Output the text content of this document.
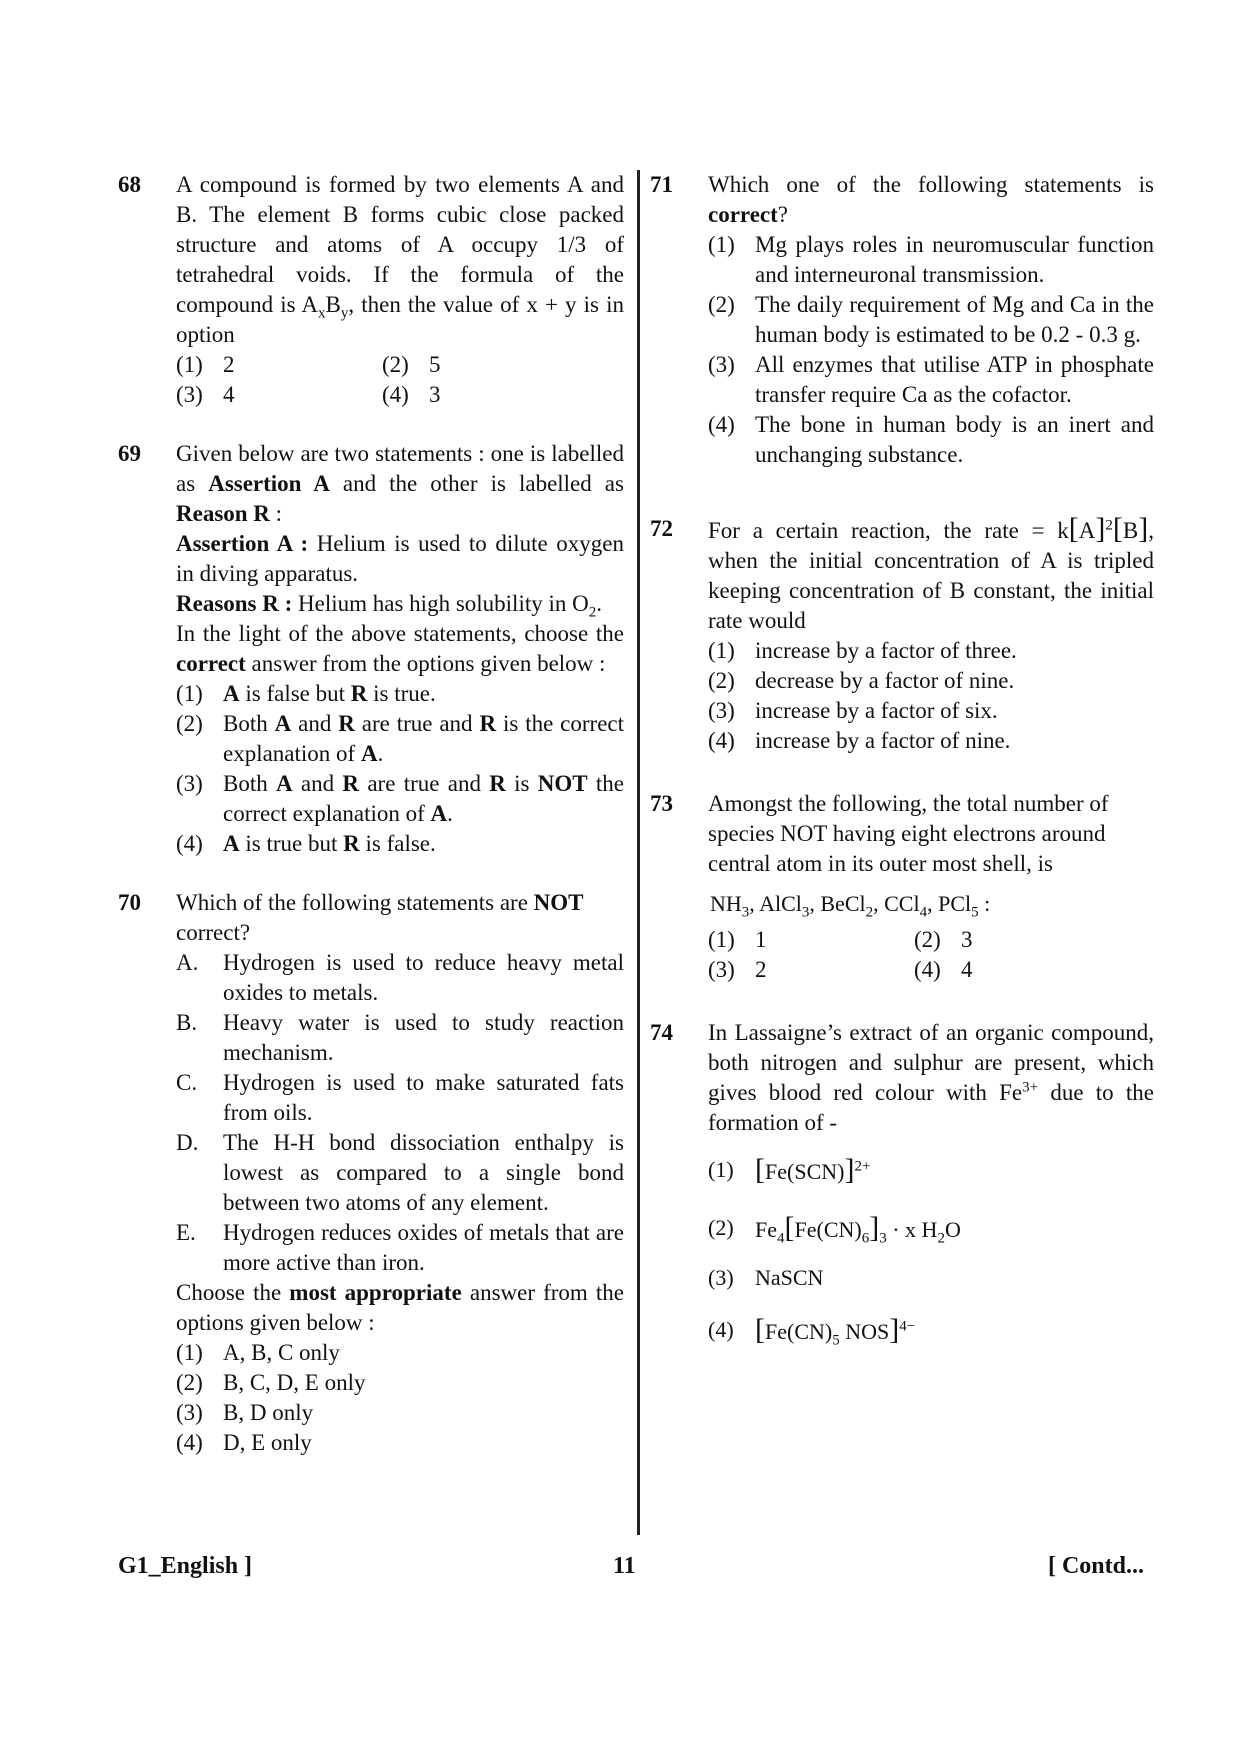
68 A compound is formed by two elements A and B. The element B forms cubic close packed structure and atoms of A occupy 1/3 of tetrahedral voids. If the formula of the compound is $A_xB_y$, then the value of x + y is in option
(1) 2	(2) 5
(3) 4	(4) 3
69 Given below are two statements : one is labelled as Assertion A and the other is labelled as Reason R :
Assertion A : Helium is used to dilute oxygen in diving apparatus.
Reasons R : Helium has high solubility in $O_2$.
In the light of the above statements, choose the correct answer from the options given below :
(1) A is false but R is true.
(2) Both A and R are true and R is the correct explanation of A.
(3) Both A and R are true and R is NOT the correct explanation of A.
(4) A is true but R is false.
70 Which of the following statements are NOT correct?
A. Hydrogen is used to reduce heavy metal oxides to metals.
B. Heavy water is used to study reaction mechanism.
C. Hydrogen is used to make saturated fats from oils.
D. The H-H bond dissociation enthalpy is lowest as compared to a single bond between two atoms of any element.
E. Hydrogen reduces oxides of metals that are more active than iron.
Choose the most appropriate answer from the options given below :
(1) A, B, C only
(2) B, C, D, E only
(3) B, D only
(4) D, E only
71 Which one of the following statements is correct?
(1) Mg plays roles in neuromuscular function and interneuronal transmission.
(2) The daily requirement of Mg and Ca in the human body is estimated to be 0.2 - 0.3 g.
(3) All enzymes that utilise ATP in phosphate transfer require Ca as the cofactor.
(4) The bone in human body is an inert and unchanging substance.
72 For a certain reaction, the rate = $k[A]^2[B]$, when the initial concentration of A is tripled keeping concentration of B constant, the initial rate would
(1) increase by a factor of three.
(2) decrease by a factor of nine.
(3) increase by a factor of six.
(4) increase by a factor of nine.
73 Amongst the following, the total number of species NOT having eight electrons around central atom in its outer most shell, is
$NH_3$, AlCl$_3$, BeCl$_2$, CCl$_4$, PCl$_5$ :
(1) 1	(2) 3
(3) 2	(4) 4
74 In Lassaigne’s extract of an organic compound, both nitrogen and sulphur are present, which gives blood red colour with $Fe^{3+}$ due to the formation of -
(1) $[Fe(SCN)]^{2+}$
(2) $Fe_4[Fe(CN)_6]_3 \cdot x$ $H_2O$
(3) NaSCN
(4) [$Fe(CN)_5$ NOS]$^{4-}$
G1_English ]	11	[ Contd...
